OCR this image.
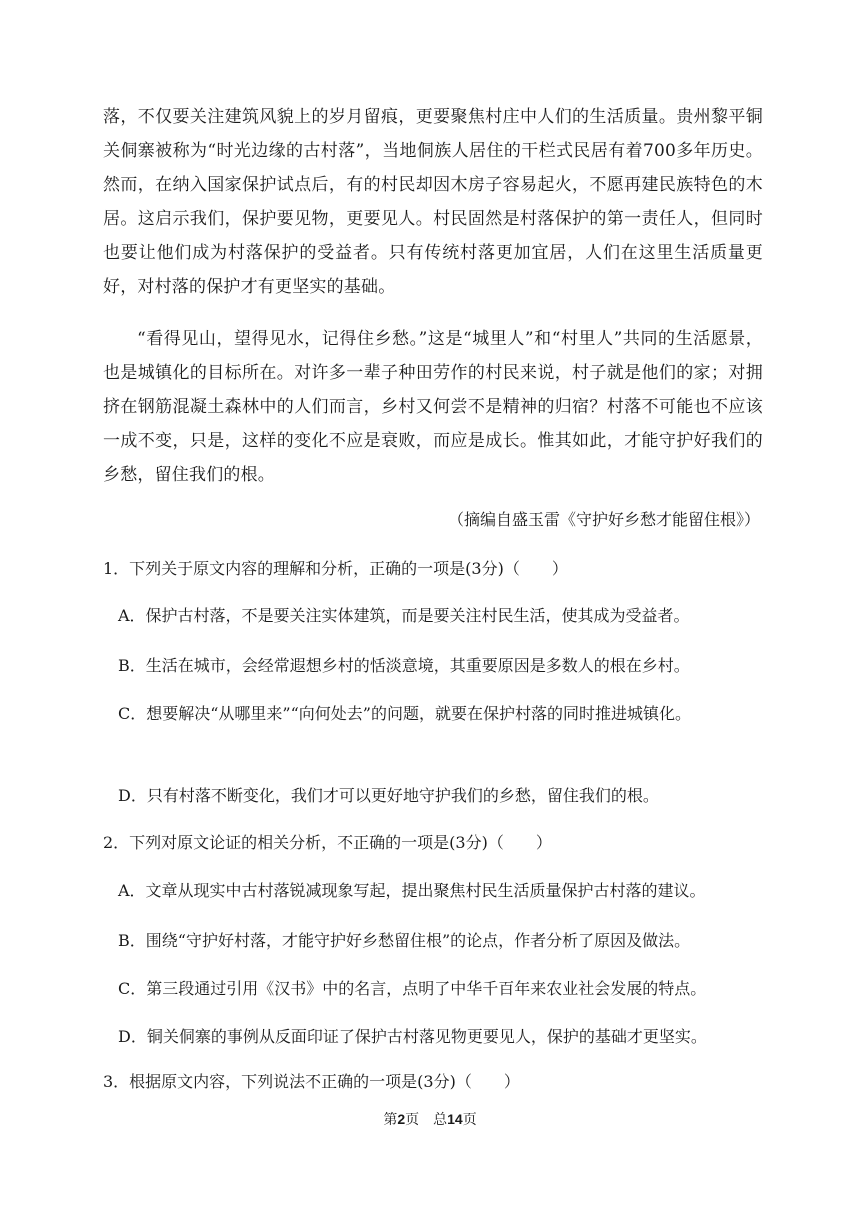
落，不仅要关注建筑风貌上的岁月留痕，更要聚焦村庄中人们的生活质量。贵州黎平铜关侗寨被称为“时光边缘的古村落”，当地侗族人居住的干栏式民居有着700多年历史。然而，在纳入国家保护试点后，有的村民却因木房子容易起火，不愿再建民族特色的木居。这启示我们，保护要见物，更要见人。村民固然是村落保护的第一责任人，但同时也要让他们成为村落保护的受益者。只有传统村落更加宜居，人们在这里生活质量更好，对村落的保护才有更坚实的基础。

“看得见山，望得见水，记得住乡愁。”这是“城里人”和“村里人”共同的生活愿景，也是城镇化的目标所在。对许多一辈子种田劳作的村民来说，村子就是他们的家；对拥挤在钢筋混凝土森林中的人们而言，乡村又何尝不是精神的归宿？村落不可能也不应该一成不变，只是，这样的变化不应是衰败，而应是成长。惟其如此，才能守护好我们的乡愁，留住我们的根。

（摘编自盛玉雷《守护好乡愁才能留住根》）

1．下列关于原文内容的理解和分析，正确的一项是(3分)（　　）

A．保护古村落，不是要关注实体建筑，而是要关注村民生活，使其成为受益者。

B．生活在城市，会经常遐想乡村的恬淡意境，其重要原因是多数人的根在乡村。

C．想要解决“从哪里来”“向何处去”的问题，就要在保护村落的同时推进城镇化。

D．只有村落不断变化，我们才可以更好地守护我们的乡愁，留住我们的根。

2．下列对原文论证的相关分析，不正确的一项是(3分)（　　）

A．文章从现实中古村落锐减现象写起，提出聚焦村民生活质量保护古村落的建议。

B．围绕“守护好村落，才能守护好乡愁留住根”的论点，作者分析了原因及做法。

C．第三段通过引用《汉书》中的名言，点明了中华千百年来农业社会发展的特点。

D．铜关侗寨的事例从反面印证了保护古村落见物更要见人，保护的基础才更坚实。

3．根据原文内容，下列说法不正确的一项是(3分)（　　）

第2页　总14页
